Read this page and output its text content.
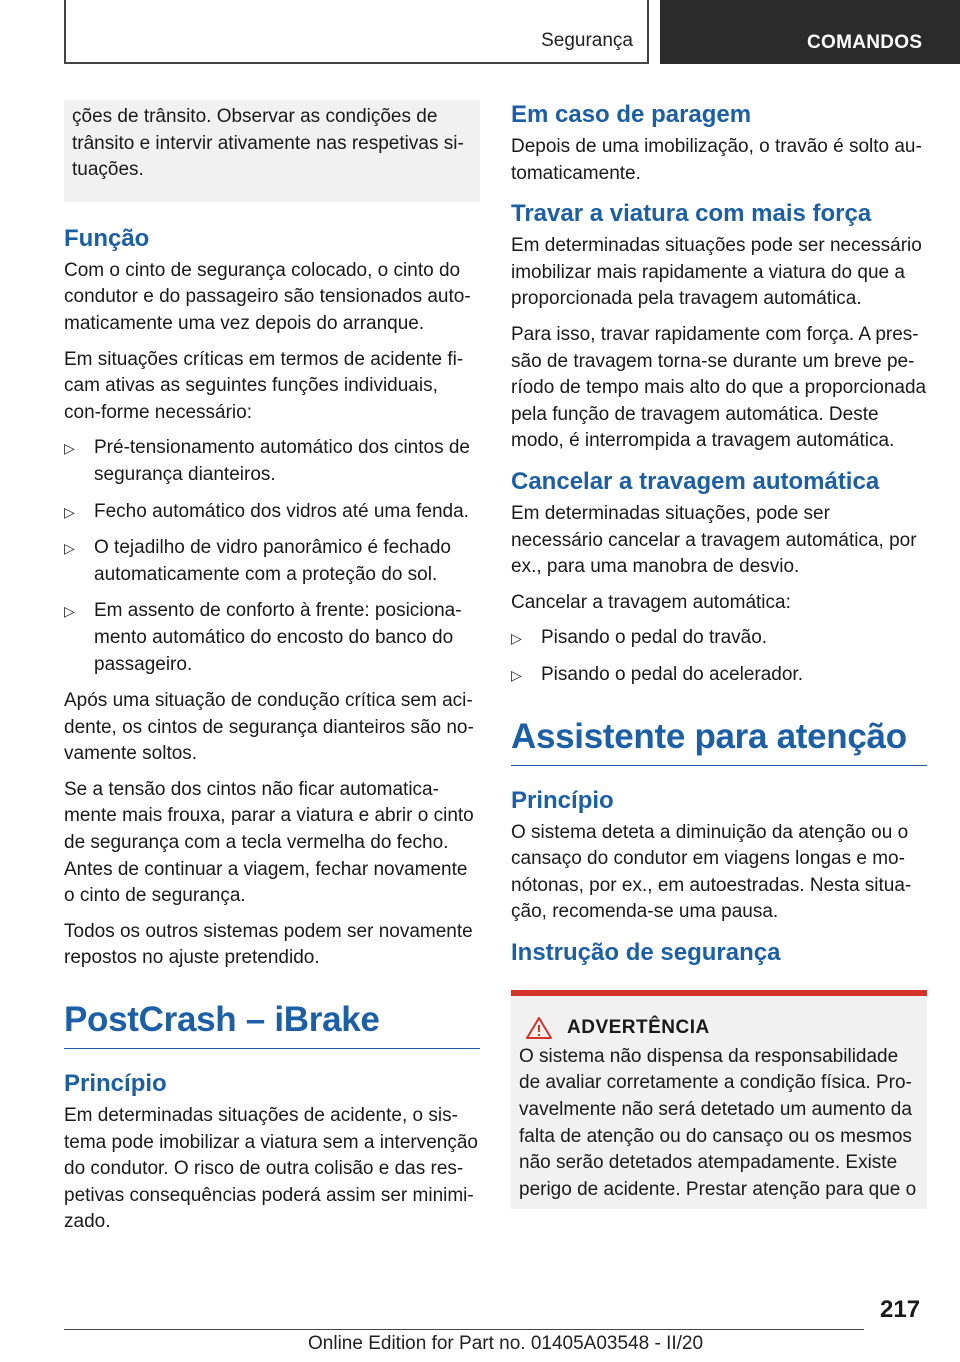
Segurança	COMANDOS

ções de trânsito. Observar as condições de trânsito e intervir ativamente nas respetivas si-tuações.

Função

Com o cinto de segurança colocado, o cinto do condutor e do passageiro são tensionados auto-maticamente uma vez depois do arranque.

Em situações críticas em termos de acidente fi-cam ativas as seguintes funções individuais, con-forme necessário:

▷ Pré-tensionamento automático dos cintos de segurança dianteiros.
▷ Fecho automático dos vidros até uma fenda.
▷ O tejadilho de vidro panorâmico é fechado automaticamente com a proteção do sol.
▷ Em assento de conforto à frente: posiciona-mento automático do encosto do banco do passageiro.

Após uma situação de condução crítica sem aci-dente, os cintos de segurança dianteiros são no-vamente soltos.

Se a tensão dos cintos não ficar automatica-mente mais frouxa, parar a viatura e abrir o cinto de segurança com a tecla vermelha do fecho. Antes de continuar a viagem, fechar novamente o cinto de segurança.

Todos os outros sistemas podem ser novamente repostos no ajuste pretendido.

PostCrash – iBrake
Princípio

Em determinadas situações de acidente, o sis-tema pode imobilizar a viatura sem a intervenção do condutor. O risco de outra colisão e das res-petivas consequências poderá assim ser minimi-zado.

Em caso de paragem

Depois de uma imobilização, o travão é solto au-tomaticamente.

Travar a viatura com mais força

Em determinadas situações pode ser necessário imobilizar mais rapidamente a viatura do que a proporcionada pela travagem automática.

Para isso, travar rapidamente com força. A pres-são de travagem torna-se durante um breve pe-ríodo de tempo mais alto do que a proporcionada pela função de travagem automática. Deste modo, é interrompida a travagem automática.

Cancelar a travagem automática

Em determinadas situações, pode ser necessário cancelar a travagem automática, por ex., para uma manobra de desvio.

Cancelar a travagem automática:

▷ Pisando o pedal do travão.
▷ Pisando o pedal do acelerador.
Assistente para atenção
Princípio

O sistema deteta a diminuição da atenção ou o cansaço do condutor em viagens longas e mo-nótonas, por ex., em autoestradas. Nesta situa-ção, recomenda-se uma pausa.

Instrução de segurança
ADVERTÊNCIA

O sistema não dispensa da responsabilidade de avaliar corretamente a condição física. Pro-vavelmente não será detetado um aumento da falta de atenção ou do cansaço ou os mesmos não serão detetados atempadamente. Existe perigo de acidente. Prestar atenção para que o

217
Online Edition for Part no. 01405A03548 - II/20
